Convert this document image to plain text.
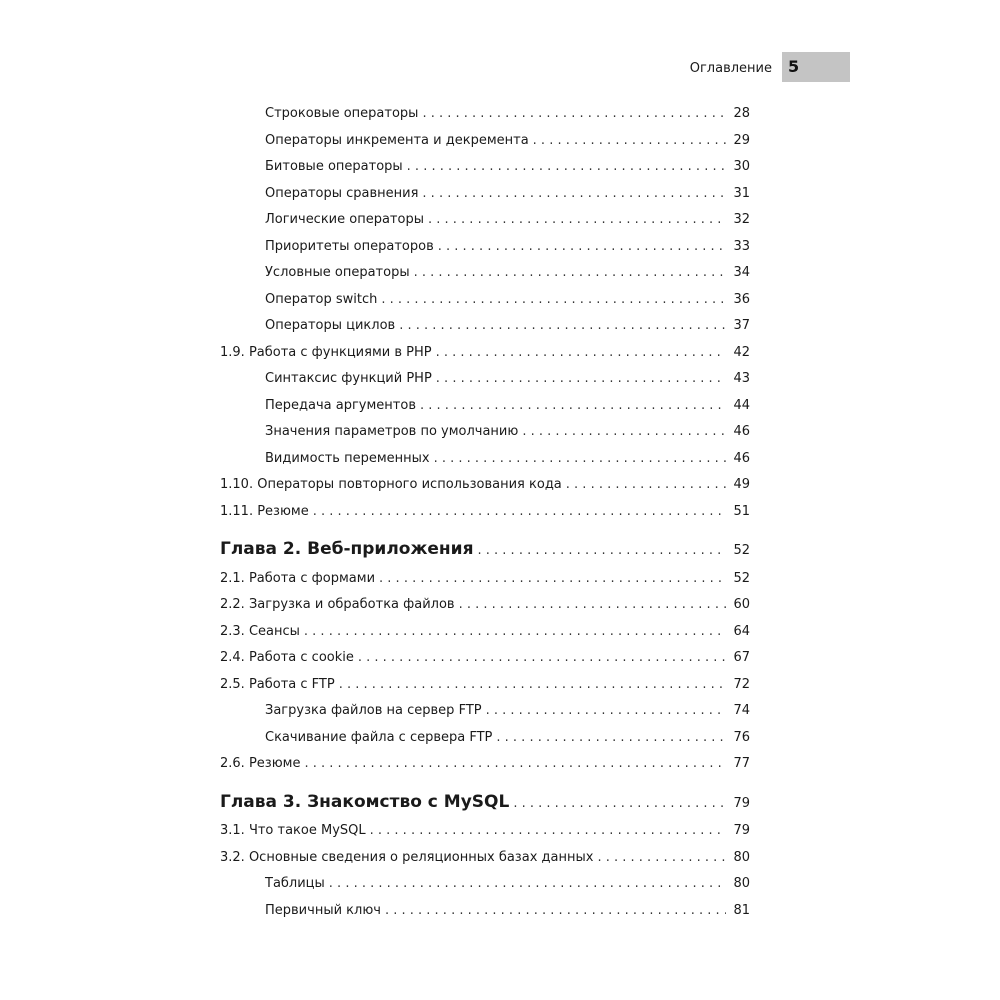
Оглавление 5
Строковые операторы . . .	28
Операторы инкремента и декремента . . .	29
Битовые операторы . . .	30
Операторы сравнения . . .	31
Логические операторы . . .	32
Приоритеты операторов . . .	33
Условные операторы . . .	34
Оператор switch . . .	36
Операторы циклов . . .	37
1.9. Работа с функциями в PHP . . .	42
Синтаксис функций PHP . . .	43
Передача аргументов . . .	44
Значения параметров по умолчанию . . .	46
Видимость переменных . . .	46
1.10. Операторы повторного использования кода . . .	49
1.11. Резюме . . .	51
Глава 2. Веб-приложения . . .	52
2.1. Работа с формами . . .	52
2.2. Загрузка и обработка файлов . . .	60
2.3. Сеансы . . .	64
2.4. Работа с cookie . . .	67
2.5. Работа с FTP . . .	72
Загрузка файлов на сервер FTP . . .	74
Скачивание файла с сервера FTP . . .	76
2.6. Резюме . . .	77
Глава 3. Знакомство с MySQL . . .	79
3.1. Что такое MySQL . . .	79
3.2. Основные сведения о реляционных базах данных . . .	80
Таблицы . . .	80
Первичный ключ . . .	81
